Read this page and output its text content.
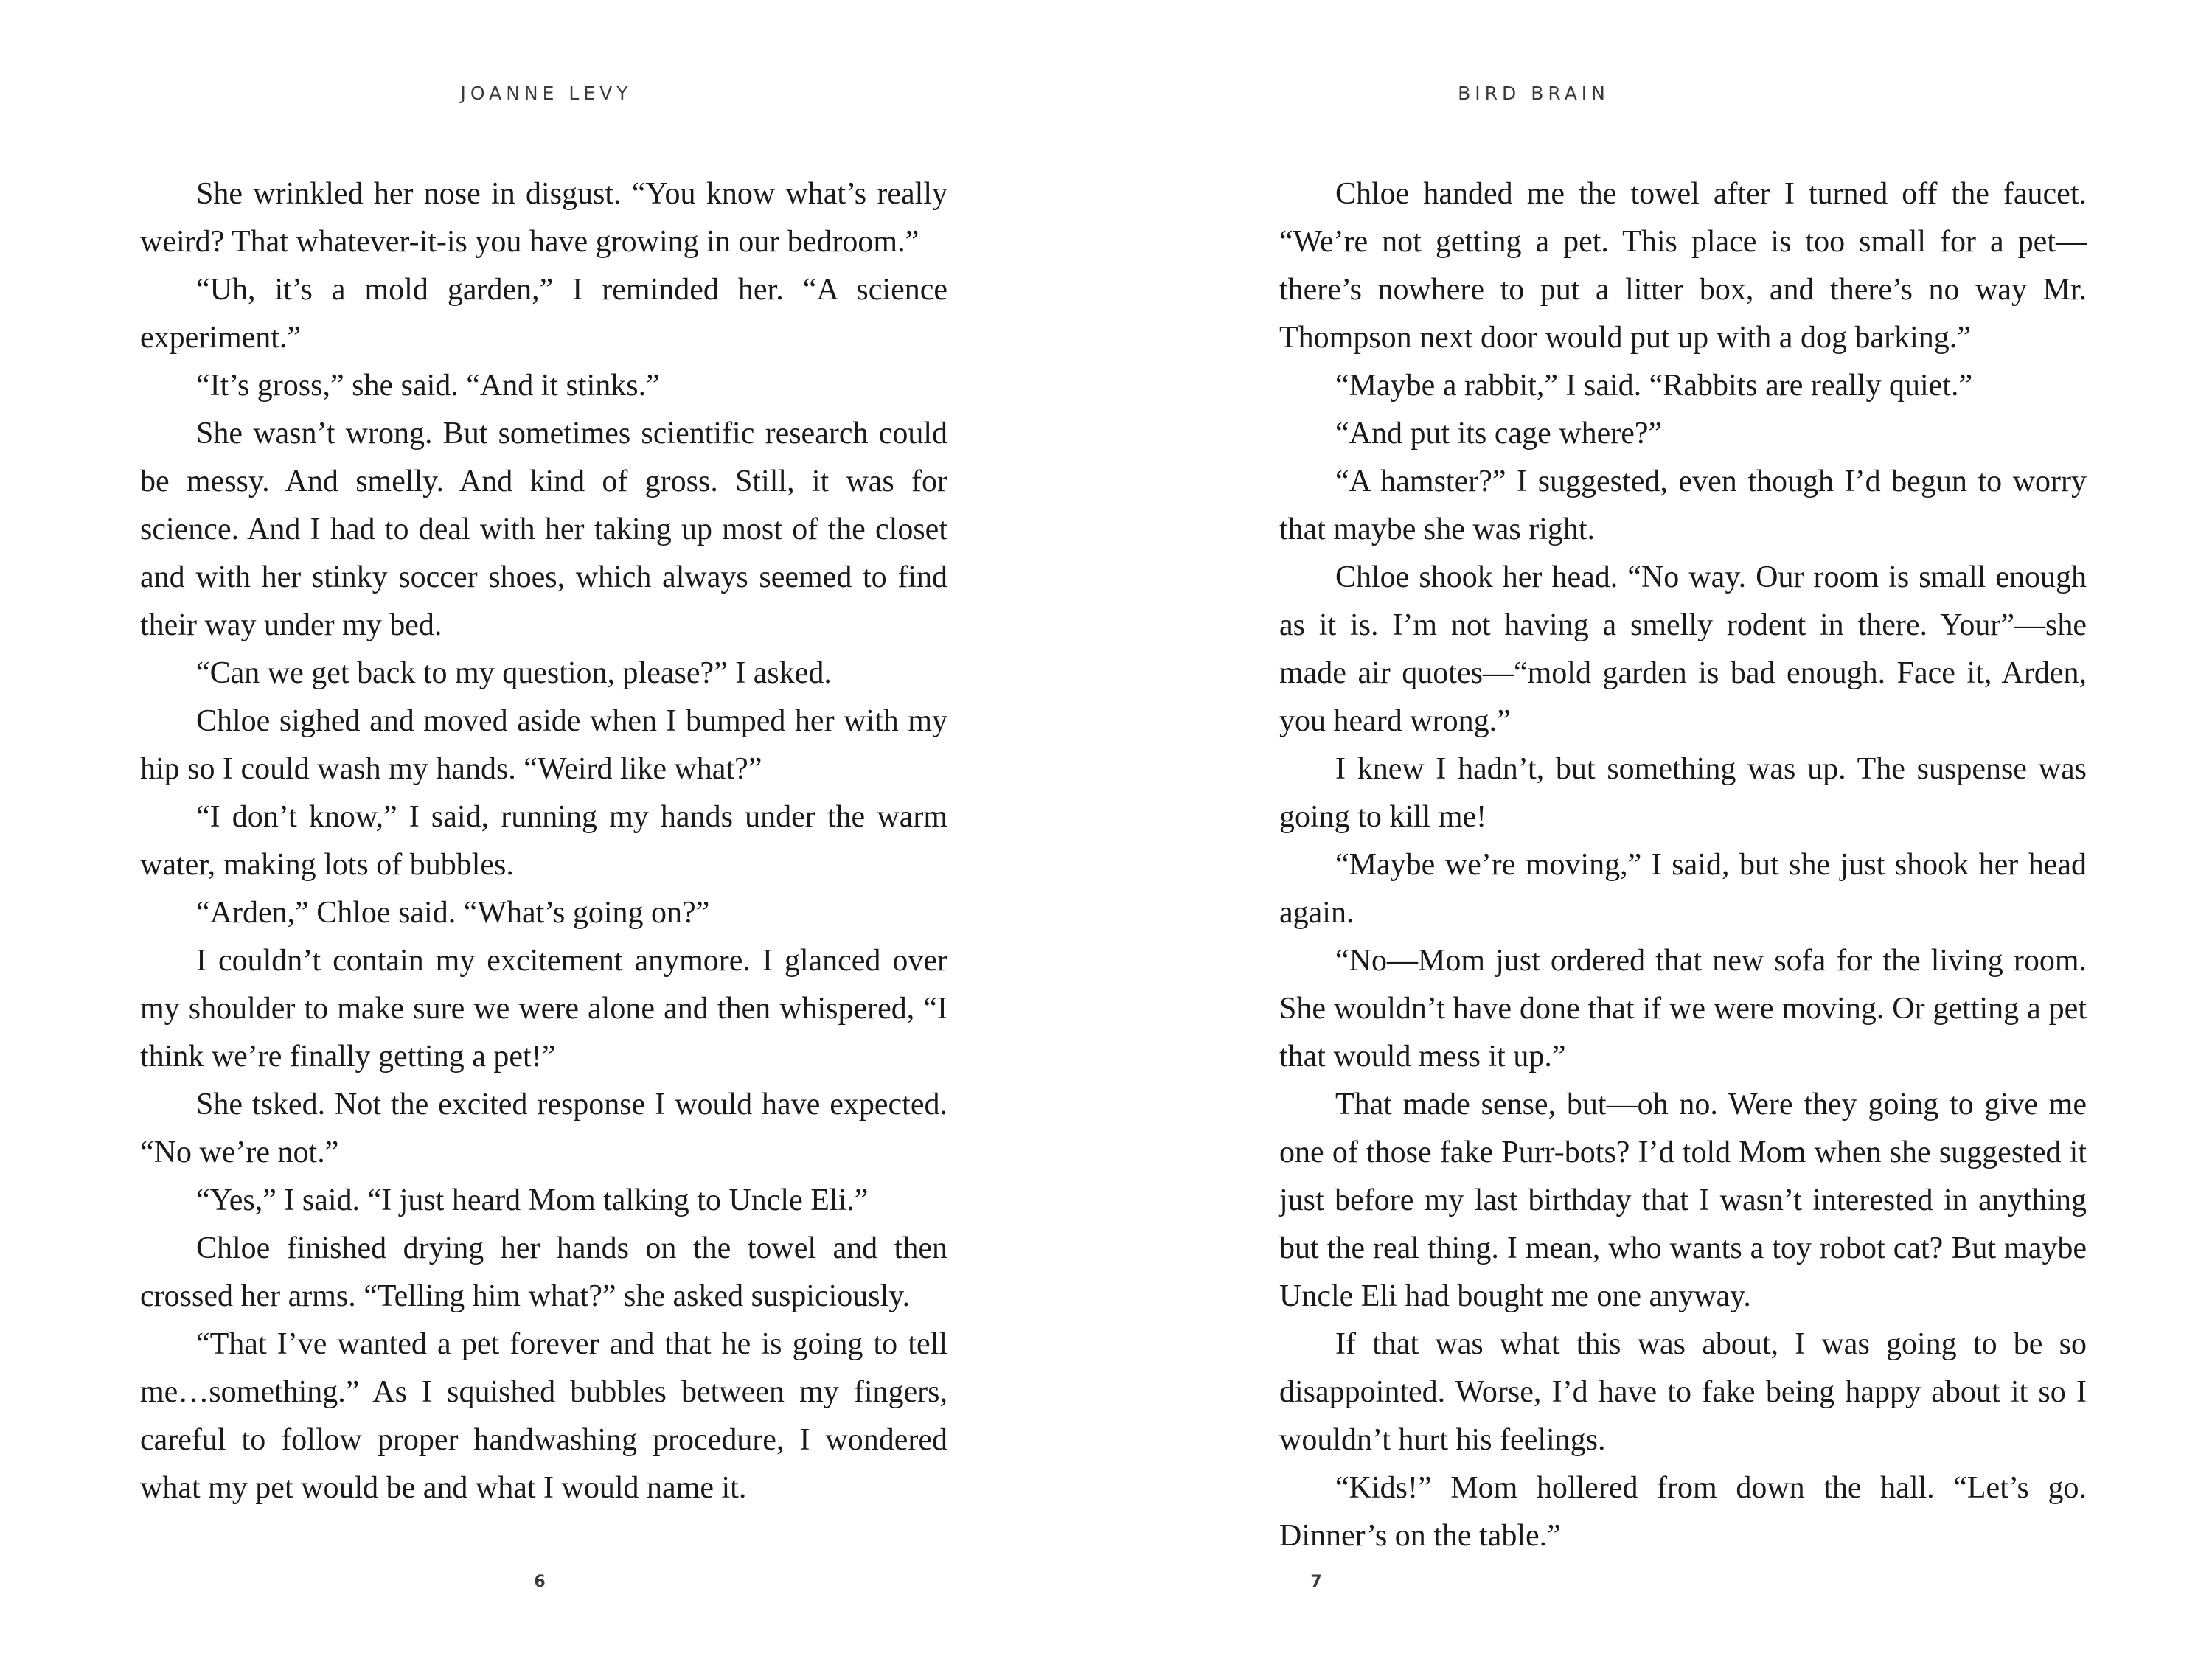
JOANNE LEVY

She wrinkled her nose in disgust. “You know what’s really weird? That whatever-it-is you have growing in our bedroom.”

“Uh, it’s a mold garden,” I reminded her. “A science experiment.”

“It’s gross,” she said. “And it stinks.”

She wasn’t wrong. But sometimes scientific research could be messy. And smelly. And kind of gross. Still, it was for science. And I had to deal with her taking up most of the closet and with her stinky soccer shoes, which always seemed to find their way under my bed.

“Can we get back to my question, please?” I asked.

Chloe sighed and moved aside when I bumped her with my hip so I could wash my hands. “Weird like what?”

“I don’t know,” I said, running my hands under the warm water, making lots of bubbles.

“Arden,” Chloe said. “What’s going on?”

I couldn’t contain my excitement anymore. I glanced over my shoulder to make sure we were alone and then whispered, “I think we’re finally getting a pet!”

She tsked. Not the excited response I would have expected. “No we’re not.”

“Yes,” I said. “I just heard Mom talking to Uncle Eli.”

Chloe finished drying her hands on the towel and then crossed her arms. “Telling him what?” she asked suspiciously.

“That I’ve wanted a pet forever and that he is going to tell me…something.” As I squished bubbles between my fingers, careful to follow proper handwashing procedure, I wondered what my pet would be and what I would name it.

6

BIRD BRAIN

Chloe handed me the towel after I turned off the faucet. “We’re not getting a pet. This place is too small for a pet—there’s nowhere to put a litter box, and there’s no way Mr. Thompson next door would put up with a dog barking.”

“Maybe a rabbit,” I said. “Rabbits are really quiet.”

“And put its cage where?”

“A hamster?” I suggested, even though I’d begun to worry that maybe she was right.

Chloe shook her head. “No way. Our room is small enough as it is. I’m not having a smelly rodent in there. Your”—she made air quotes—“mold garden is bad enough. Face it, Arden, you heard wrong.”

I knew I hadn’t, but something was up. The suspense was going to kill me!

“Maybe we’re moving,” I said, but she just shook her head again.

“No—Mom just ordered that new sofa for the living room. She wouldn’t have done that if we were moving. Or getting a pet that would mess it up.”

That made sense, but—oh no. Were they going to give me one of those fake Purr-bots? I’d told Mom when she suggested it just before my last birthday that I wasn’t interested in anything but the real thing. I mean, who wants a toy robot cat? But maybe Uncle Eli had bought me one anyway.

If that was what this was about, I was going to be so disappointed. Worse, I’d have to fake being happy about it so I wouldn’t hurt his feelings.

“Kids!” Mom hollered from down the hall. “Let’s go. Dinner’s on the table.”

7
